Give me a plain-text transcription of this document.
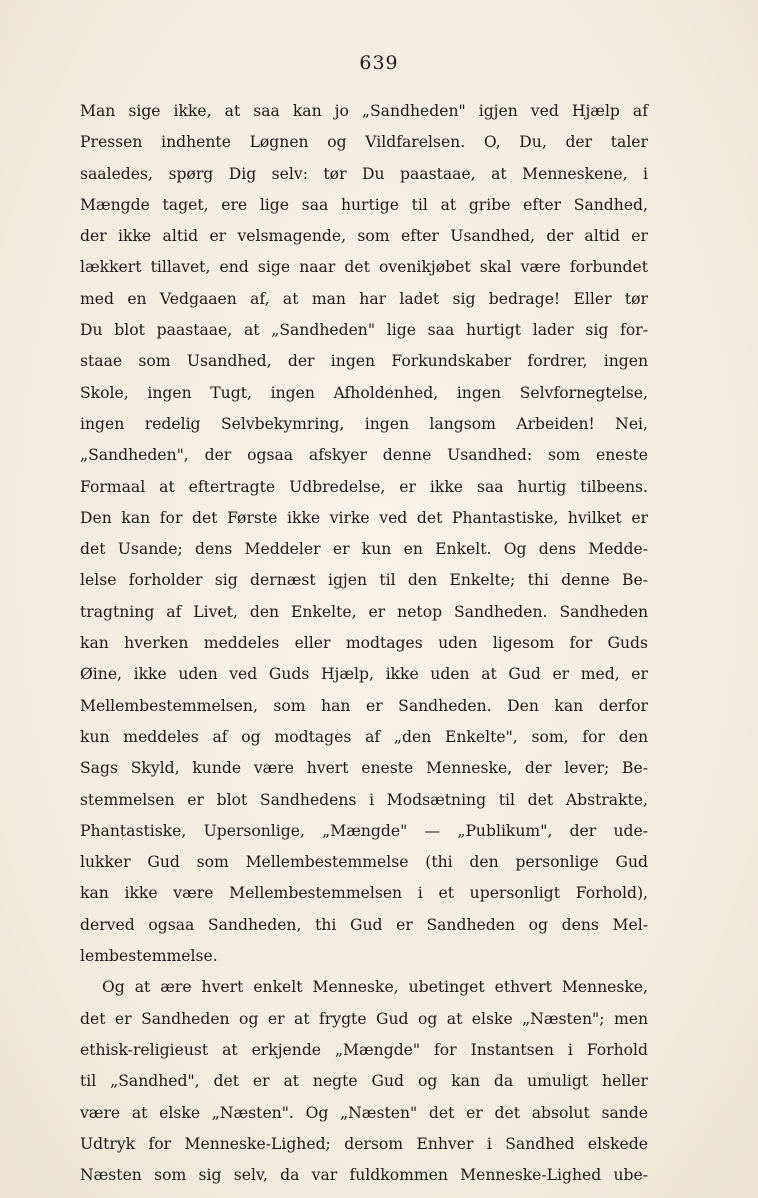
639
Man sige ikke, at saa kan jo „Sandheden" igjen ved Hjælp af
Pressen indhente Løgnen og Vildfarelsen. O, Du, der taler
saaledes, spørg Dig selv: tør Du paastaae, at Menneskene, i
Mængde taget, ere lige saa hurtige til at gribe efter Sandhed,
der ikke altid er velsmagende, som efter Usandhed, der altid er
lækkert tillavet, end sige naar det ovenikjøbet skal være forbundet
med en Vedgaaen af, at man har ladet sig bedrage! Eller tør
Du blot paastaae, at „Sandheden" lige saa hurtigt lader sig for-
staae som Usandhed, der ingen Forkundskaber fordrer, ingen
Skole, ingen Tugt, ingen Afholdenhed, ingen Selvfornegtelse,
ingen redelig Selvbekymring, ingen langsom Arbeiden! Nei,
„Sandheden", der ogsaa afskyer denne Usandhed: som eneste
Formaal at eftertragte Udbredelse, er ikke saa hurtig tilbeens.
Den kan for det Første ikke virke ved det Phantastiske, hvilket er
det Usande; dens Meddeler er kun en Enkelt. Og dens Medde-
lelse forholder sig dernæst igjen til den Enkelte; thi denne Be-
tragtning af Livet, den Enkelte, er netop Sandheden. Sandheden
kan hverken meddeles eller modtages uden ligesom for Guds
Øine, ikke uden ved Guds Hjælp, ikke uden at Gud er med, er
Mellembestemmelsen, som han er Sandheden. Den kan derfor
kun meddeles af og modtages af „den Enkelte", som, for den
Sags Skyld, kunde være hvert eneste Menneske, der lever; Be-
stemmelsen er blot Sandhedens i Modsætning til det Abstrakte,
Phantastiske, Upersonlige, „Mængde" — „Publikum", der ude-
lukker Gud som Mellembestemmelse (thi den personlige Gud
kan ikke være Mellembestemmelsen i et upersonligt Forhold),
derved ogsaa Sandheden, thi Gud er Sandheden og dens Mel-
lembestemmelse.
Og at ære hvert enkelt Menneske, ubetinget ethvert Menneske,
det er Sandheden og er at frygte Gud og at elske „Næsten"; men
ethisk-religieust at erkjende „Mængde" for Instantsen i Forhold
til „Sandhed", det er at negte Gud og kan da umuligt heller
være at elske „Næsten". Og „Næsten" det er det absolut sande
Udtryk for Menneske-Lighed; dersom Enhver i Sandhed elskede
Næsten som sig selv, da var fuldkommen Menneske-Lighed ube-
